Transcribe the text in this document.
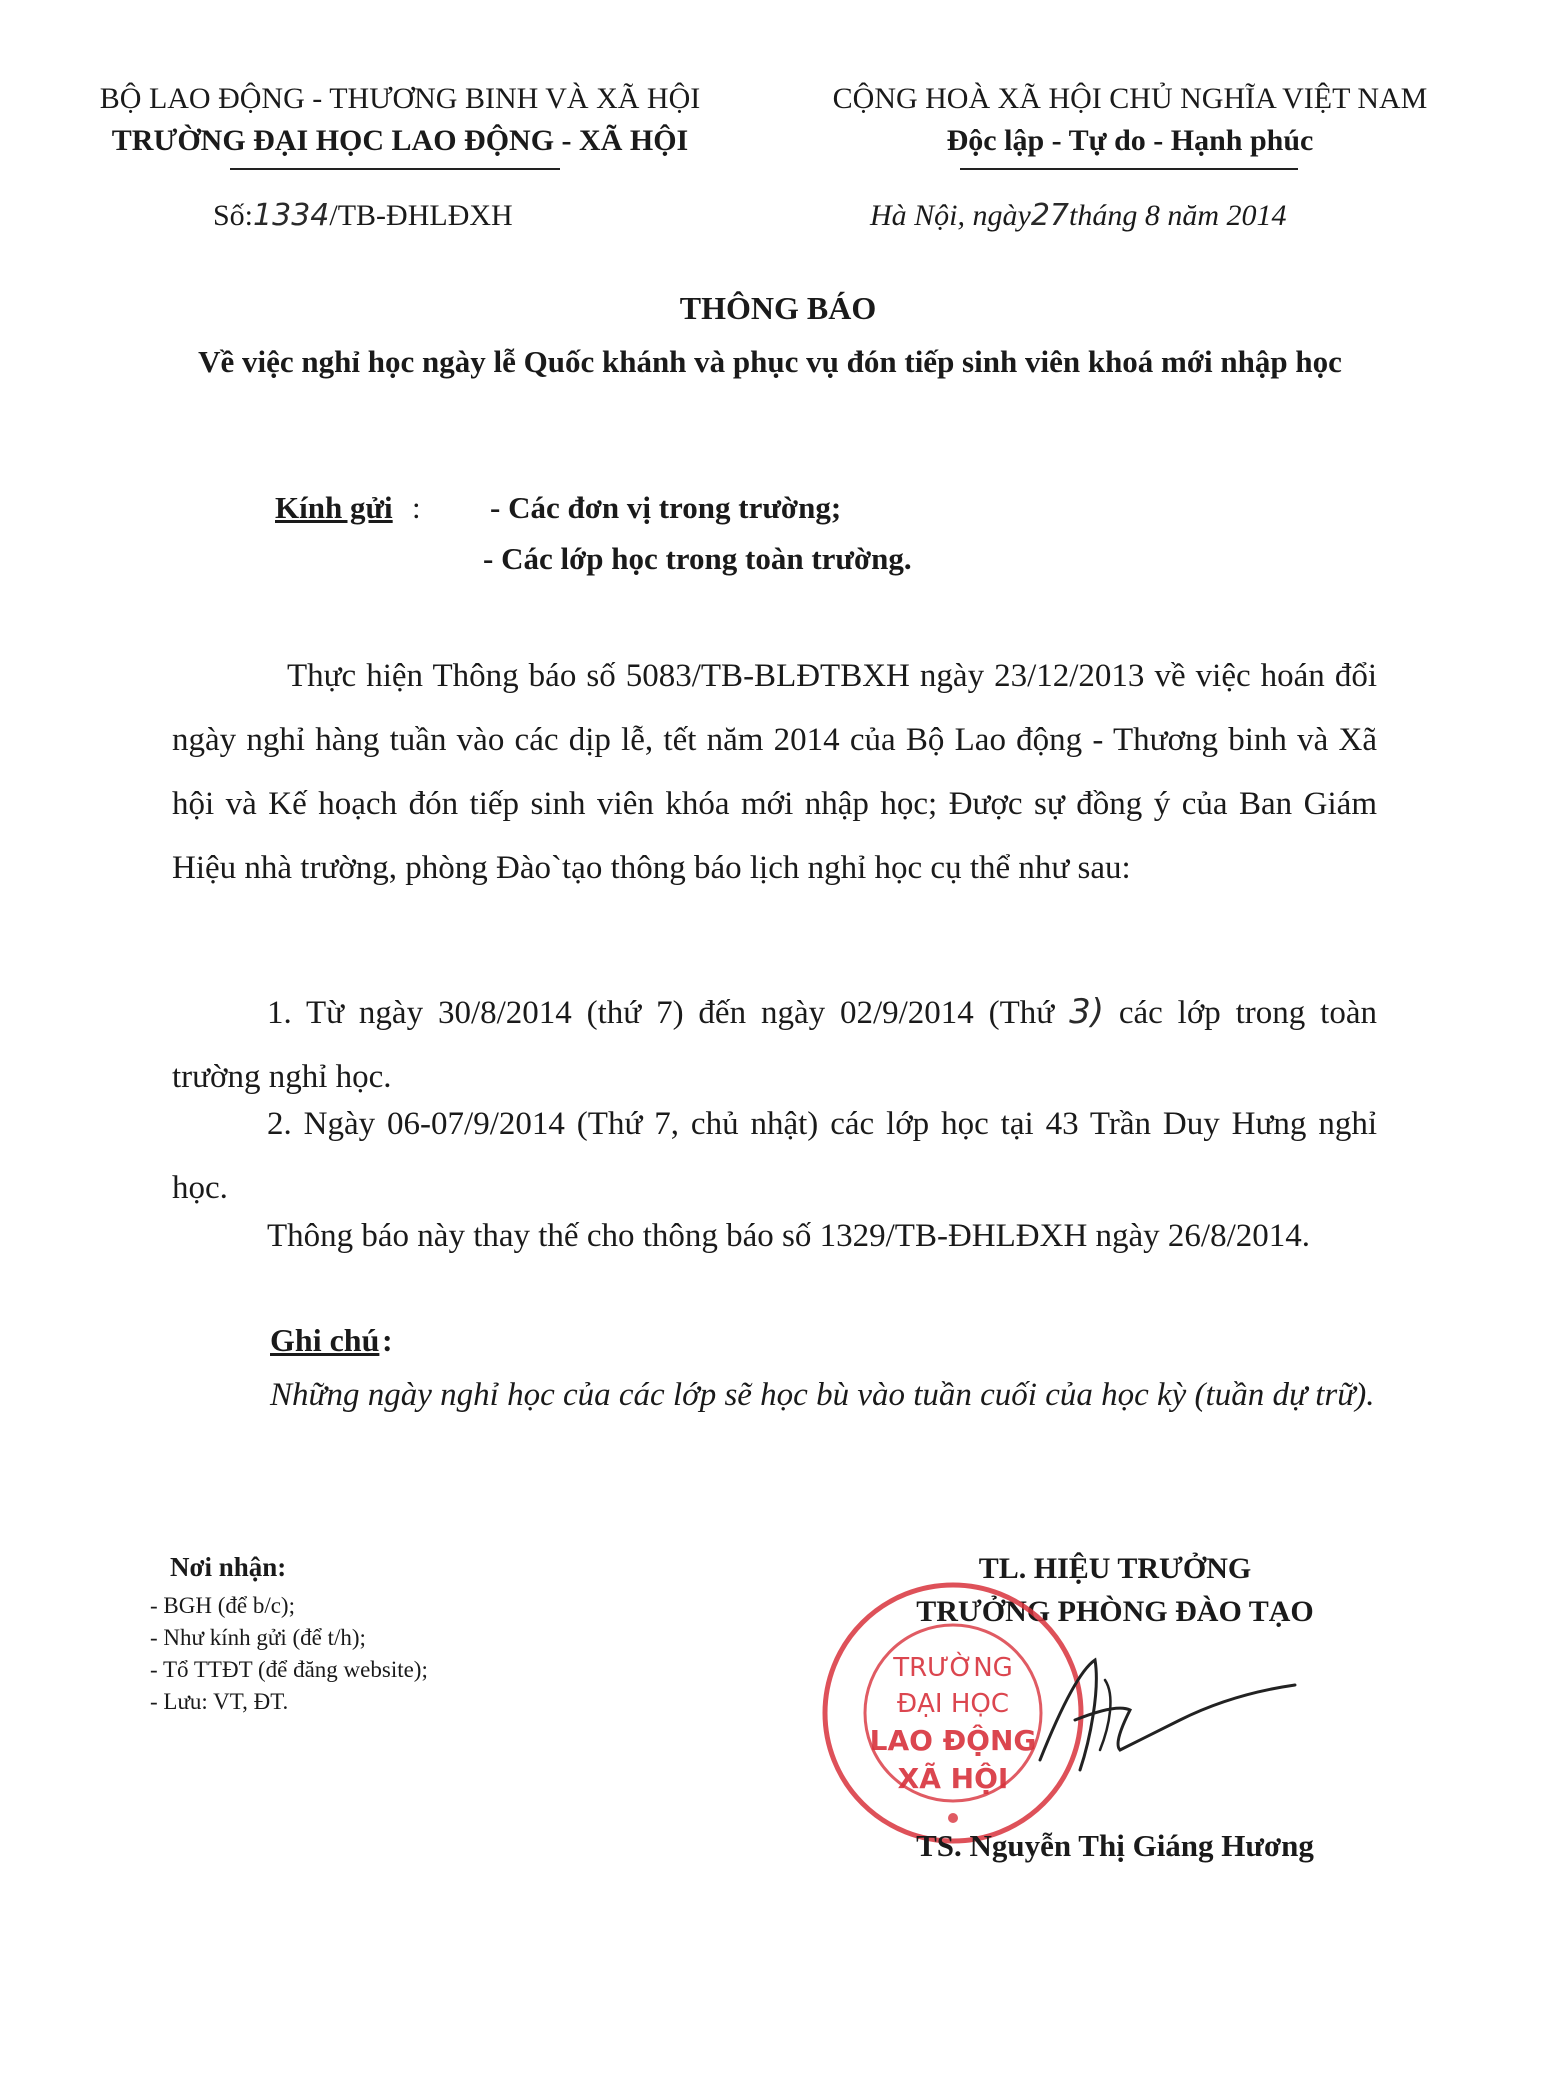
BỘ LAO ĐỘNG - THƯƠNG BINH VÀ XÃ HỘI
TRƯỜNG ĐẠI HỌC LAO ĐỘNG - XÃ HỘI
CỘNG HOÀ XÃ HỘI CHỦ NGHĨA VIỆT NAM
Độc lập - Tự do - Hạnh phúc
Số:1334/TB-ĐHLĐXH	Hà Nội, ngày27tháng 8 năm 2014
THÔNG BÁO
Về việc nghỉ học ngày lễ Quốc khánh và phục vụ đón tiếp sinh viên khoá mới nhập học
Kính gửi : - Các đơn vị trong trường;
- Các lớp học trong toàn trường.
Thực hiện Thông báo số 5083/TB-BLĐTBXH ngày 23/12/2013 về việc hoán đổi ngày nghỉ hàng tuần vào các dịp lễ, tết năm 2014 của Bộ Lao động - Thương binh và Xã hội và Kế hoạch đón tiếp sinh viên khóa mới nhập học; Được sự đồng ý của Ban Giám Hiệu nhà trường, phòng Đào`tạo thông báo lịch nghỉ học cụ thể như sau:
1. Từ ngày 30/8/2014 (thứ 7) đến ngày 02/9/2014 (Thứ 3) các lớp trong toàn trường nghỉ học.
2. Ngày 06-07/9/2014 (Thứ 7, chủ nhật) các lớp học tại 43 Trần Duy Hưng nghỉ học.
Thông báo này thay thế cho thông báo số 1329/TB-ĐHLĐXH ngày 26/8/2014.
Ghi chú :
Những ngày nghỉ học của các lớp sẽ học bù vào tuần cuối của học kỳ (tuần dự trữ).
Nơi nhận:
- BGH (để b/c);
- Như kính gửi (để t/h);
- Tổ TTĐT (để đăng website);
- Lưu: VT, ĐT.
TL. HIỆU TRƯỞNG
TRƯỞNG PHÒNG ĐÀO TẠO
TRƯỜNG
ĐẠI HỌC
LAO ĐỘNG
XÃ HỘI
TS. Nguyễn Thị Giáng Hương
